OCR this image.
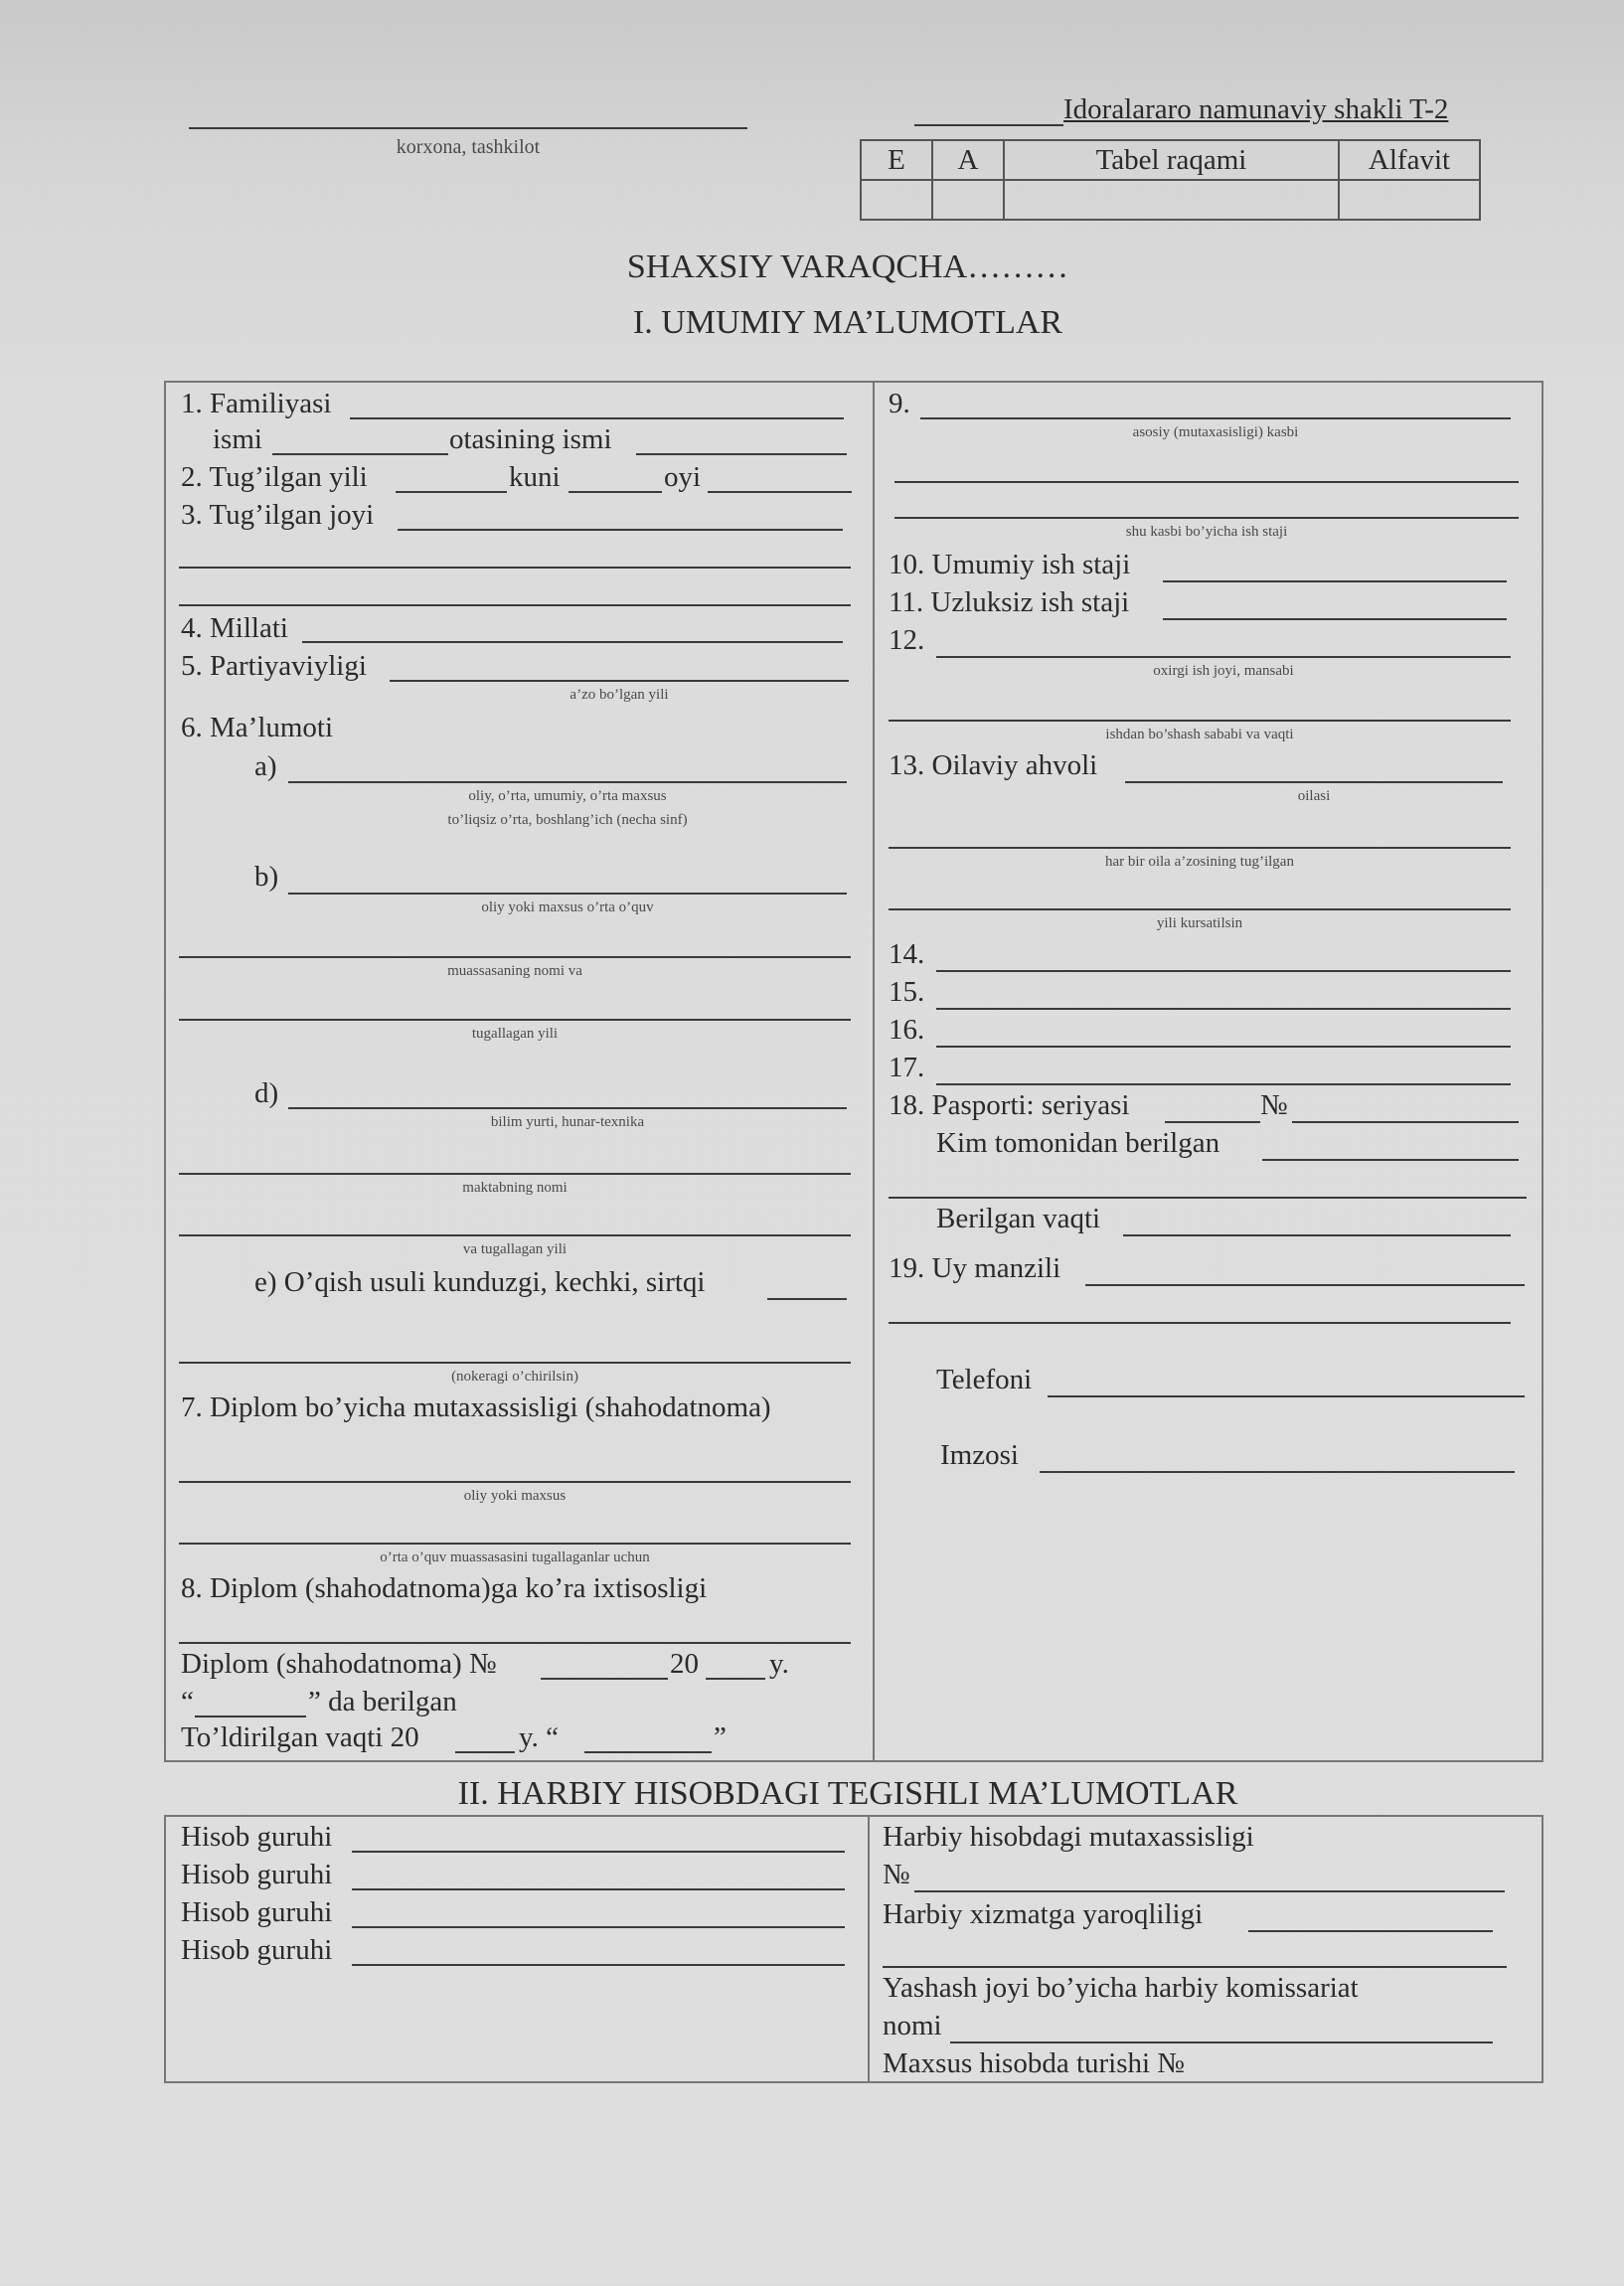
korxona, tashkilot
Idoralararo namunaviy shakli T-2
E	A	Tabel raqami	Alfavit

SHAXSIY VARAQCHA………
I. UMUMIY MA’LUMOTLAR
1. Familiyasi
ismi	otasining ismi
2. Tug’ilgan yili	kuni	oyi
3. Tug’ilgan joyi
4. Millati
5. Partiyaviyligi
a’zo bo’lgan yili
6. Ma’lumoti
a)
oliy, o’rta, umumiy, o’rta maxsus
to’liqsiz o’rta, boshlang’ich (necha sinf)
b)
oliy yoki maxsus o’rta o’quv
muassasaning nomi va
tugallagan yili
d)
bilim yurti, hunar-texnika
maktabning nomi
va tugallagan yili
e) O’qish usuli kunduzgi, kechki, sirtqi
(nokeragi o’chirilsin)
7. Diplom bo’yicha mutaxassisligi (shahodatnoma)
oliy yoki maxsus
o’rta o’quv muassasasini tugallaganlar uchun
8. Diplom (shahodatnoma)ga ko’ra ixtisosligi
Diplom (shahodatnoma) №	20 y.
“	” da berilgan
To’ldirilgan vaqti 20	y. “	”
9.
asosiy (mutaxasisligi) kasbi
shu kasbi bo’yicha ish staji
10. Umumiy ish staji
11. Uzluksiz ish staji
12.
oxirgi ish joyi, mansabi
ishdan bo’shash sababi va vaqti
13. Oilaviy ahvoli
oilasi
har bir oila a’zosining tug’ilgan
yili kursatilsin
14.
15.
16.
17.
18. Pasporti: seriyasi	№
Kim tomonidan berilgan
Berilgan vaqti
19. Uy manzili
Telefoni
Imzosi
II. HARBIY HISOBDAGI TEGISHLI MA’LUMOTLAR
Hisob guruhi
Hisob guruhi
Hisob guruhi
Hisob guruhi
Harbiy hisobdagi mutaxassisligi
№
Harbiy xizmatga yaroqliligi
Yashash joyi bo’yicha harbiy komissariat
nomi
Maxsus hisobda turishi №
